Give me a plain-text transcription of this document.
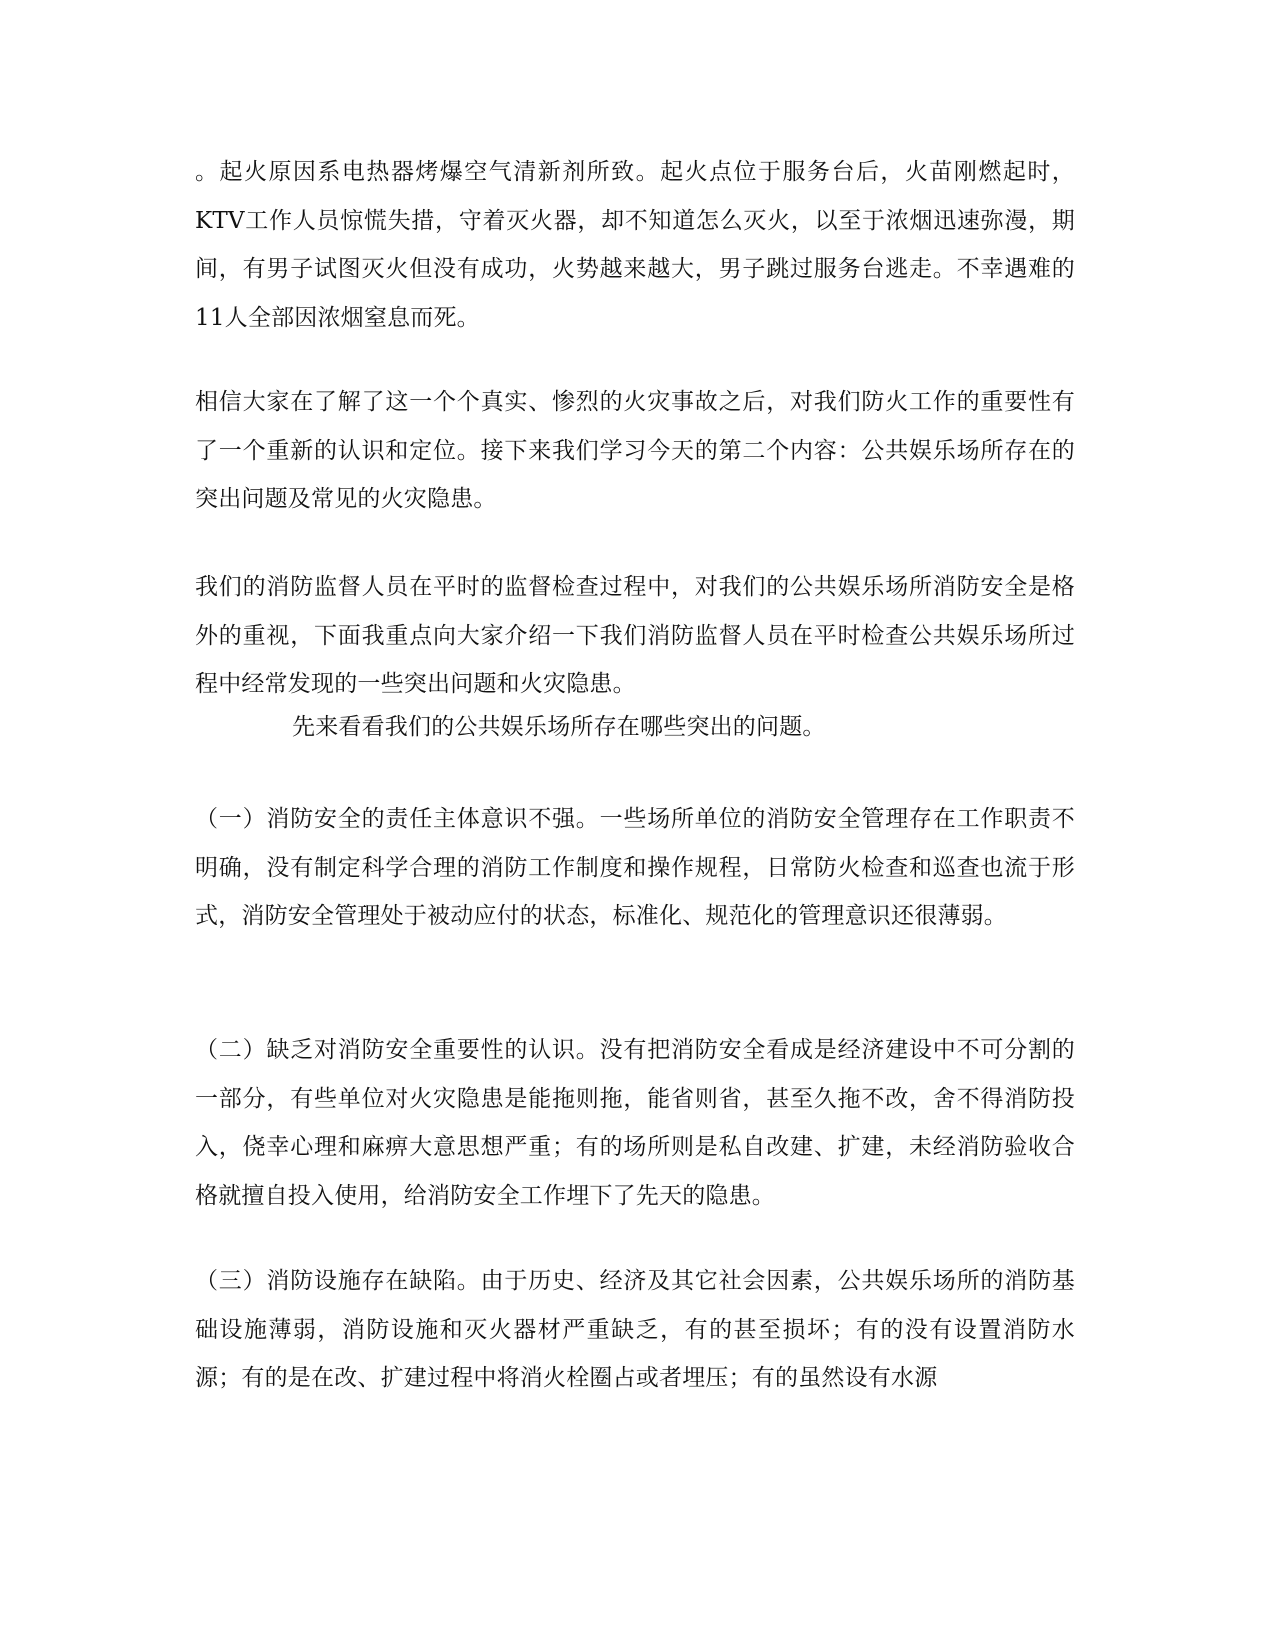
。起火原因系电热器烤爆空气清新剂所致。起火点位于服务台后，火苗刚燃起时，KTV工作人员惊慌失措，守着灭火器，却不知道怎么灭火，以至于浓烟迅速弥漫，期间，有男子试图灭火但没有成功，火势越来越大，男子跳过服务台逃走。不幸遇难的11人全部因浓烟窒息而死。

相信大家在了解了这一个个真实、惨烈的火灾事故之后，对我们防火工作的重要性有了一个重新的认识和定位。接下来我们学习今天的第二个内容：公共娱乐场所存在的突出问题及常见的火灾隐患。

我们的消防监督人员在平时的监督检查过程中，对我们的公共娱乐场所消防安全是格外的重视，下面我重点向大家介绍一下我们消防监督人员在平时检查公共娱乐场所过程中经常发现的一些突出问题和火灾隐患。

先来看看我们的公共娱乐场所存在哪些突出的问题。

（一）消防安全的责任主体意识不强。一些场所单位的消防安全管理存在工作职责不明确，没有制定科学合理的消防工作制度和操作规程，日常防火检查和巡查也流于形式，消防安全管理处于被动应付的状态，标准化、规范化的管理意识还很薄弱。

（二）缺乏对消防安全重要性的认识。没有把消防安全看成是经济建设中不可分割的一部分，有些单位对火灾隐患是能拖则拖，能省则省，甚至久拖不改，舍不得消防投入，侥幸心理和麻痹大意思想严重；有的场所则是私自改建、扩建，未经消防验收合格就擅自投入使用，给消防安全工作埋下了先天的隐患。

（三）消防设施存在缺陷。由于历史、经济及其它社会因素，公共娱乐场所的消防基础设施薄弱，消防设施和灭火器材严重缺乏，有的甚至损坏；有的没有设置消防水源；有的是在改、扩建过程中将消火栓圈占或者埋压；有的虽然设有水源
